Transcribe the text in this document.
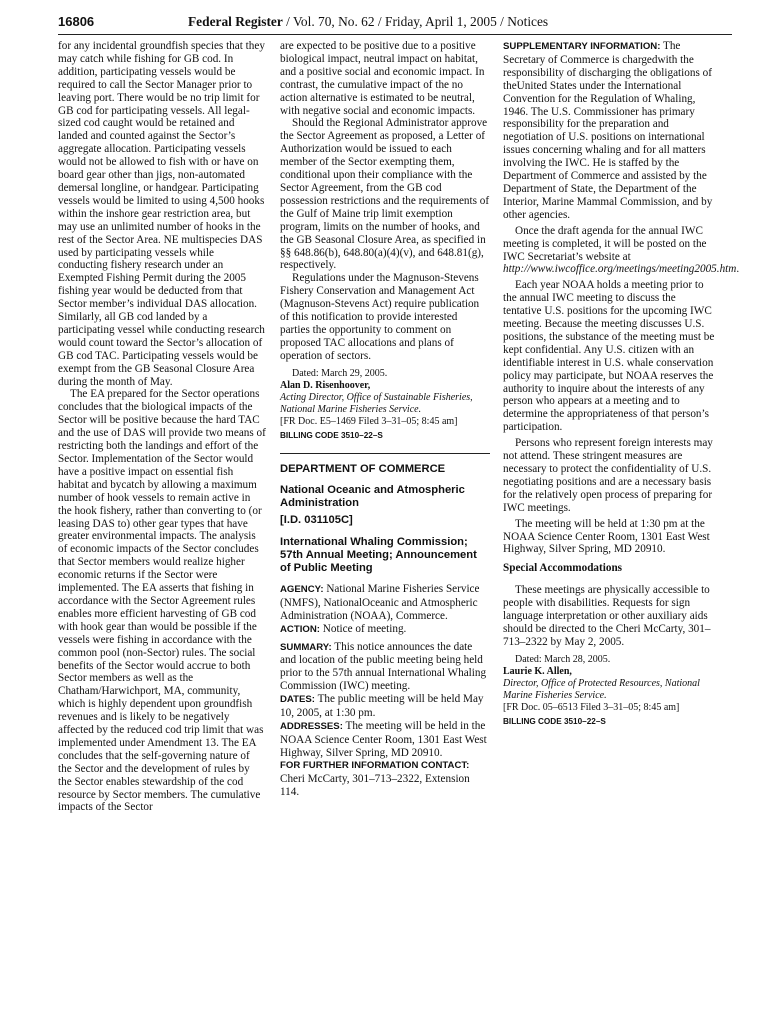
16806	Federal Register / Vol. 70, No. 62 / Friday, April 1, 2005 / Notices

for any incidental groundfish species that they may catch while fishing for GB cod. In addition, participating vessels would be required to call the Sector Manager prior to leaving port. There would be no trip limit for GB cod for participating vessels. All legal-sized cod caught would be retained and landed and counted against the Sector’s aggregate allocation. Participating vessels would not be allowed to fish with or have on board gear other than jigs, non-automated demersal longline, or handgear. Participating vessels would be limited to using 4,500 hooks within the inshore gear restriction area, but may use an unlimited number of hooks in the rest of the Sector Area. NE multispecies DAS used by participating vessels while conducting fishery research under an Exempted Fishing Permit during the 2005 fishing year would be deducted from that Sector member’s individual DAS allocation. Similarly, all GB cod landed by a participating vessel while conducting research would count toward the Sector’s allocation of GB cod TAC. Participating vessels would be exempt from the GB Seasonal Closure Area during the month of May.

The EA prepared for the Sector operations concludes that the biological impacts of the Sector will be positive because the hard TAC and the use of DAS will provide two means of restricting both the landings and effort of the Sector. Implementation of the Sector would have a positive impact on essential fish habitat and bycatch by allowing a maximum number of hook vessels to remain active in the hook fishery, rather than converting to (or leasing DAS to) other gear types that have greater environmental impacts. The analysis of economic impacts of the Sector concludes that Sector members would realize higher economic returns if the Sector were implemented. The EA asserts that fishing in accordance with the Sector Agreement rules enables more efficient harvesting of GB cod with hook gear than would be possible if the vessels were fishing in accordance with the common pool (non-Sector) rules. The social benefits of the Sector would accrue to both Sector members as well as the Chatham/Harwichport, MA, community, which is highly dependent upon groundfish revenues and is likely to be negatively affected by the reduced cod trip limit that was implemented under Amendment 13. The EA concludes that the self-governing nature of the Sector and the development of rules by the Sector enables stewardship of the cod resource by Sector members. The cumulative impacts of the Sector

are expected to be positive due to a positive biological impact, neutral impact on habitat, and a positive social and economic impact. In contrast, the cumulative impact of the no action alternative is estimated to be neutral, with negative social and economic impacts.

Should the Regional Administrator approve the Sector Agreement as proposed, a Letter of Authorization would be issued to each member of the Sector exempting them, conditional upon their compliance with the Sector Agreement, from the GB cod possession restrictions and the requirements of the Gulf of Maine trip limit exemption program, limits on the number of hooks, and the GB Seasonal Closure Area, as specified in §§ 648.86(b), 648.80(a)(4)(v), and 648.81(g), respectively.

Regulations under the Magnuson-Stevens Fishery Conservation and Management Act (Magnuson-Stevens Act) require publication of this notification to provide interested parties the opportunity to comment on proposed TAC allocations and plans of operation of sectors.

Dated: March 29, 2005.

Alan D. Risenhoover,

Acting Director, Office of Sustainable Fisheries, National Marine Fisheries Service.

[FR Doc. E5–1469 Filed 3–31–05; 8:45 am]

BILLING CODE 3510–22–S

DEPARTMENT OF COMMERCE

National Oceanic and Atmospheric Administration

[I.D. 031105C]

International Whaling Commission; 57th Annual Meeting; Announcement of Public Meeting

AGENCY: National Marine Fisheries Service (NMFS), NationalOceanic and Atmospheric Administration (NOAA), Commerce.

ACTION: Notice of meeting.

SUMMARY: This notice announces the date and location of the public meeting being held prior to the 57th annual International Whaling Commission (IWC) meeting.

DATES: The public meeting will be held May 10, 2005, at 1:30 pm.

ADDRESSES: The meeting will be held in the NOAA Science Center Room, 1301 East West Highway, Silver Spring, MD 20910.

FOR FURTHER INFORMATION CONTACT:

Cheri McCarty, 301–713–2322, Extension 114.

SUPPLEMENTARY INFORMATION: The Secretary of Commerce is chargedwith the responsibility of discharging the obligations of theUnited States under the International Convention for the Regulation of Whaling, 1946. The U.S. Commissioner has primary responsibility for the preparation and negotiation of U.S. positions on international issues concerning whaling and for all matters involving the IWC. He is staffed by the Department of Commerce and assisted by the Department of State, the Department of the Interior, Marine Mammal Commission, and by other agencies.

Once the draft agenda for the annual IWC meeting is completed, it will be posted on the IWC Secretariat’s website at http://www.iwcoffice.org/meetings/meeting2005.htm.

Each year NOAA holds a meeting prior to the annual IWC meeting to discuss the tentative U.S. positions for the upcoming IWC meeting. Because the meeting discusses U.S. positions, the substance of the meeting must be kept confidential. Any U.S. citizen with an identifiable interest in U.S. whale conservation policy may participate, but NOAA reserves the authority to inquire about the interests of any person who appears at a meeting and to determine the appropriateness of that person’s participation.

Persons who represent foreign interests may not attend. These stringent measures are necessary to protect the confidentiality of U.S. negotiating positions and are a necessary basis for the relatively open process of preparing for IWC meetings.

The meeting will be held at 1:30 pm at the NOAA Science Center Room, 1301 East West Highway, Silver Spring, MD 20910.

Special Accommodations

These meetings are physically accessible to people with disabilities. Requests for sign language interpretation or other auxiliary aids should be directed to the Cheri McCarty, 301–713–2322 by May 2, 2005.

Dated: March 28, 2005.

Laurie K. Allen,

Director, Office of Protected Resources, National Marine Fisheries Service.

[FR Doc. 05–6513 Filed 3–31–05; 8:45 am]

BILLING CODE 3510–22–S
